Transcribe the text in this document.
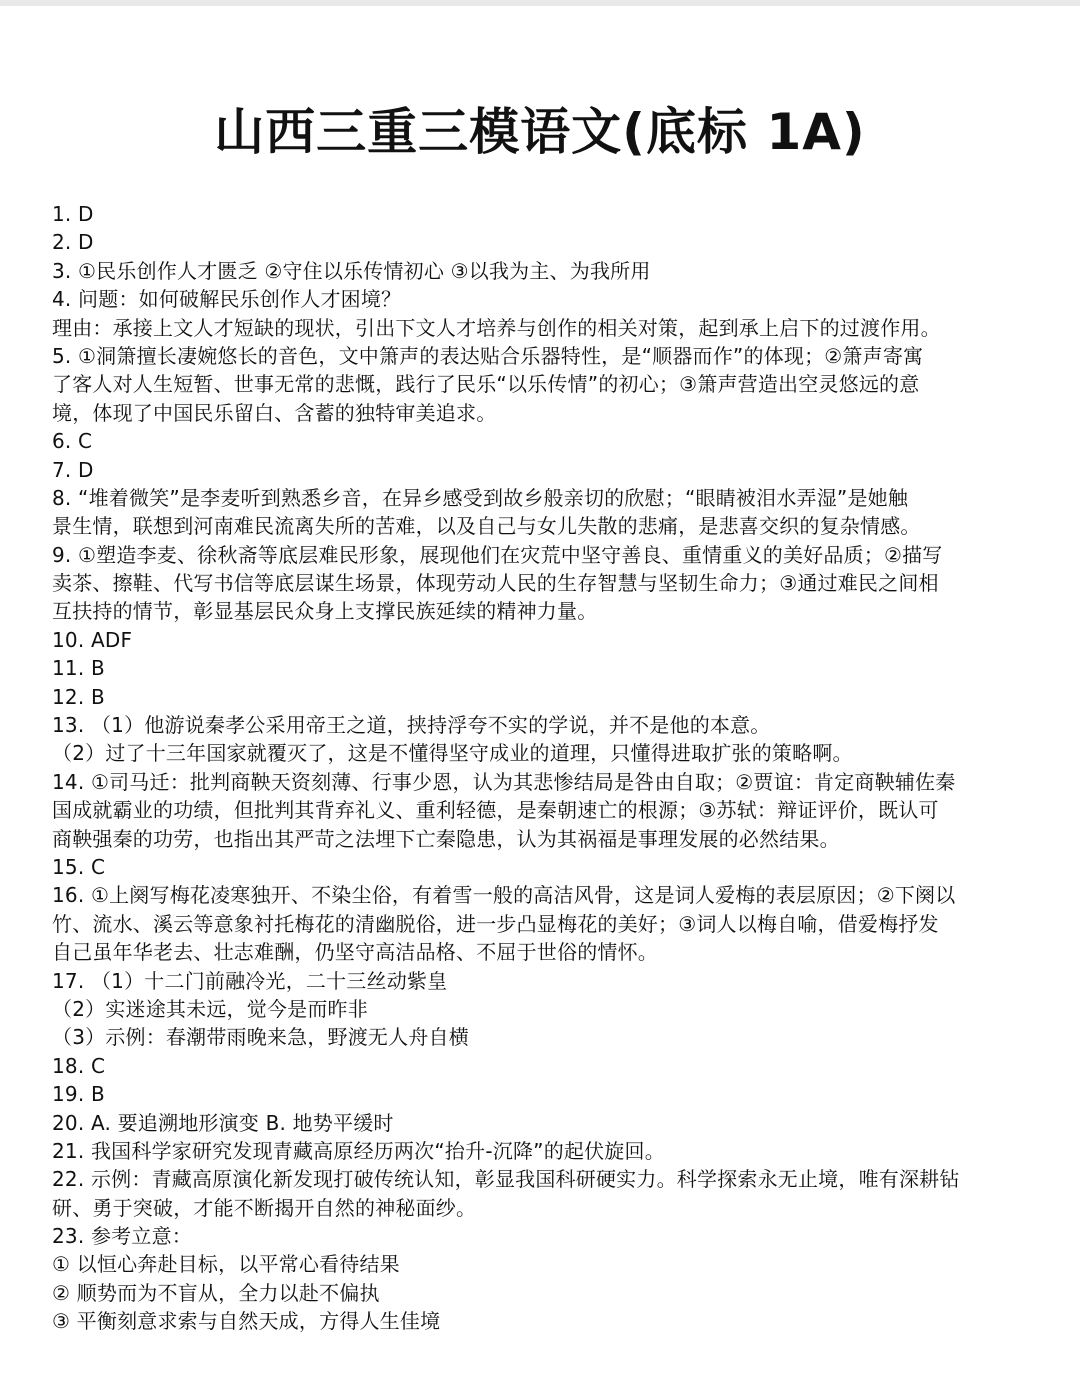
山西三重三模语文(底标 1A)
1. D
2. D
3. ①民乐创作人才匮乏 ②守住以乐传情初心 ③以我为主、为我所用
4. 问题：如何破解民乐创作人才困境？
理由：承接上文人才短缺的现状，引出下文人才培养与创作的相关对策，起到承上启下的过渡作用。
5. ①洞箫擅长凄婉悠长的音色，文中箫声的表达贴合乐器特性，是“顺器而作”的体现；②箫声寄寓
了客人对人生短暂、世事无常的悲慨，践行了民乐“以乐传情”的初心；③箫声营造出空灵悠远的意
境，体现了中国民乐留白、含蓄的独特审美追求。
6. C
7. D
8. “堆着微笑”是李麦听到熟悉乡音，在异乡感受到故乡般亲切的欣慰；“眼睛被泪水弄湿”是她触
景生情，联想到河南难民流离失所的苦难，以及自己与女儿失散的悲痛，是悲喜交织的复杂情感。
9. ①塑造李麦、徐秋斋等底层难民形象，展现他们在灾荒中坚守善良、重情重义的美好品质；②描写
卖茶、擦鞋、代写书信等底层谋生场景，体现劳动人民的生存智慧与坚韧生命力；③通过难民之间相
互扶持的情节，彰显基层民众身上支撑民族延续的精神力量。
10. ADF
11. B
12. B
13. （1）他游说秦孝公采用帝王之道，挟持浮夸不实的学说，并不是他的本意。
（2）过了十三年国家就覆灭了，这是不懂得坚守成业的道理，只懂得进取扩张的策略啊。
14. ①司马迁：批判商鞅天资刻薄、行事少恩，认为其悲惨结局是咎由自取；②贾谊：肯定商鞅辅佐秦
国成就霸业的功绩，但批判其背弃礼义、重利轻德，是秦朝速亡的根源；③苏轼：辩证评价，既认可
商鞅强秦的功劳，也指出其严苛之法埋下亡秦隐患，认为其祸福是事理发展的必然结果。
15. C
16. ①上阕写梅花凌寒独开、不染尘俗，有着雪一般的高洁风骨，这是词人爱梅的表层原因；②下阕以
竹、流水、溪云等意象衬托梅花的清幽脱俗，进一步凸显梅花的美好；③词人以梅自喻，借爱梅抒发
自己虽年华老去、壮志难酬，仍坚守高洁品格、不屈于世俗的情怀。
17. （1）十二门前融冷光，二十三丝动紫皇
（2）实迷途其未远，觉今是而昨非
（3）示例：春潮带雨晚来急，野渡无人舟自横
18. C
19. B
20. A. 要追溯地形演变 B. 地势平缓时
21. 我国科学家研究发现青藏高原经历两次“抬升-沉降”的起伏旋回。
22. 示例：青藏高原演化新发现打破传统认知，彰显我国科研硬实力。科学探索永无止境，唯有深耕钻
研、勇于突破，才能不断揭开自然的神秘面纱。
23. 参考立意：
① 以恒心奔赴目标，以平常心看待结果
② 顺势而为不盲从，全力以赴不偏执
③ 平衡刻意求索与自然天成，方得人生佳境
